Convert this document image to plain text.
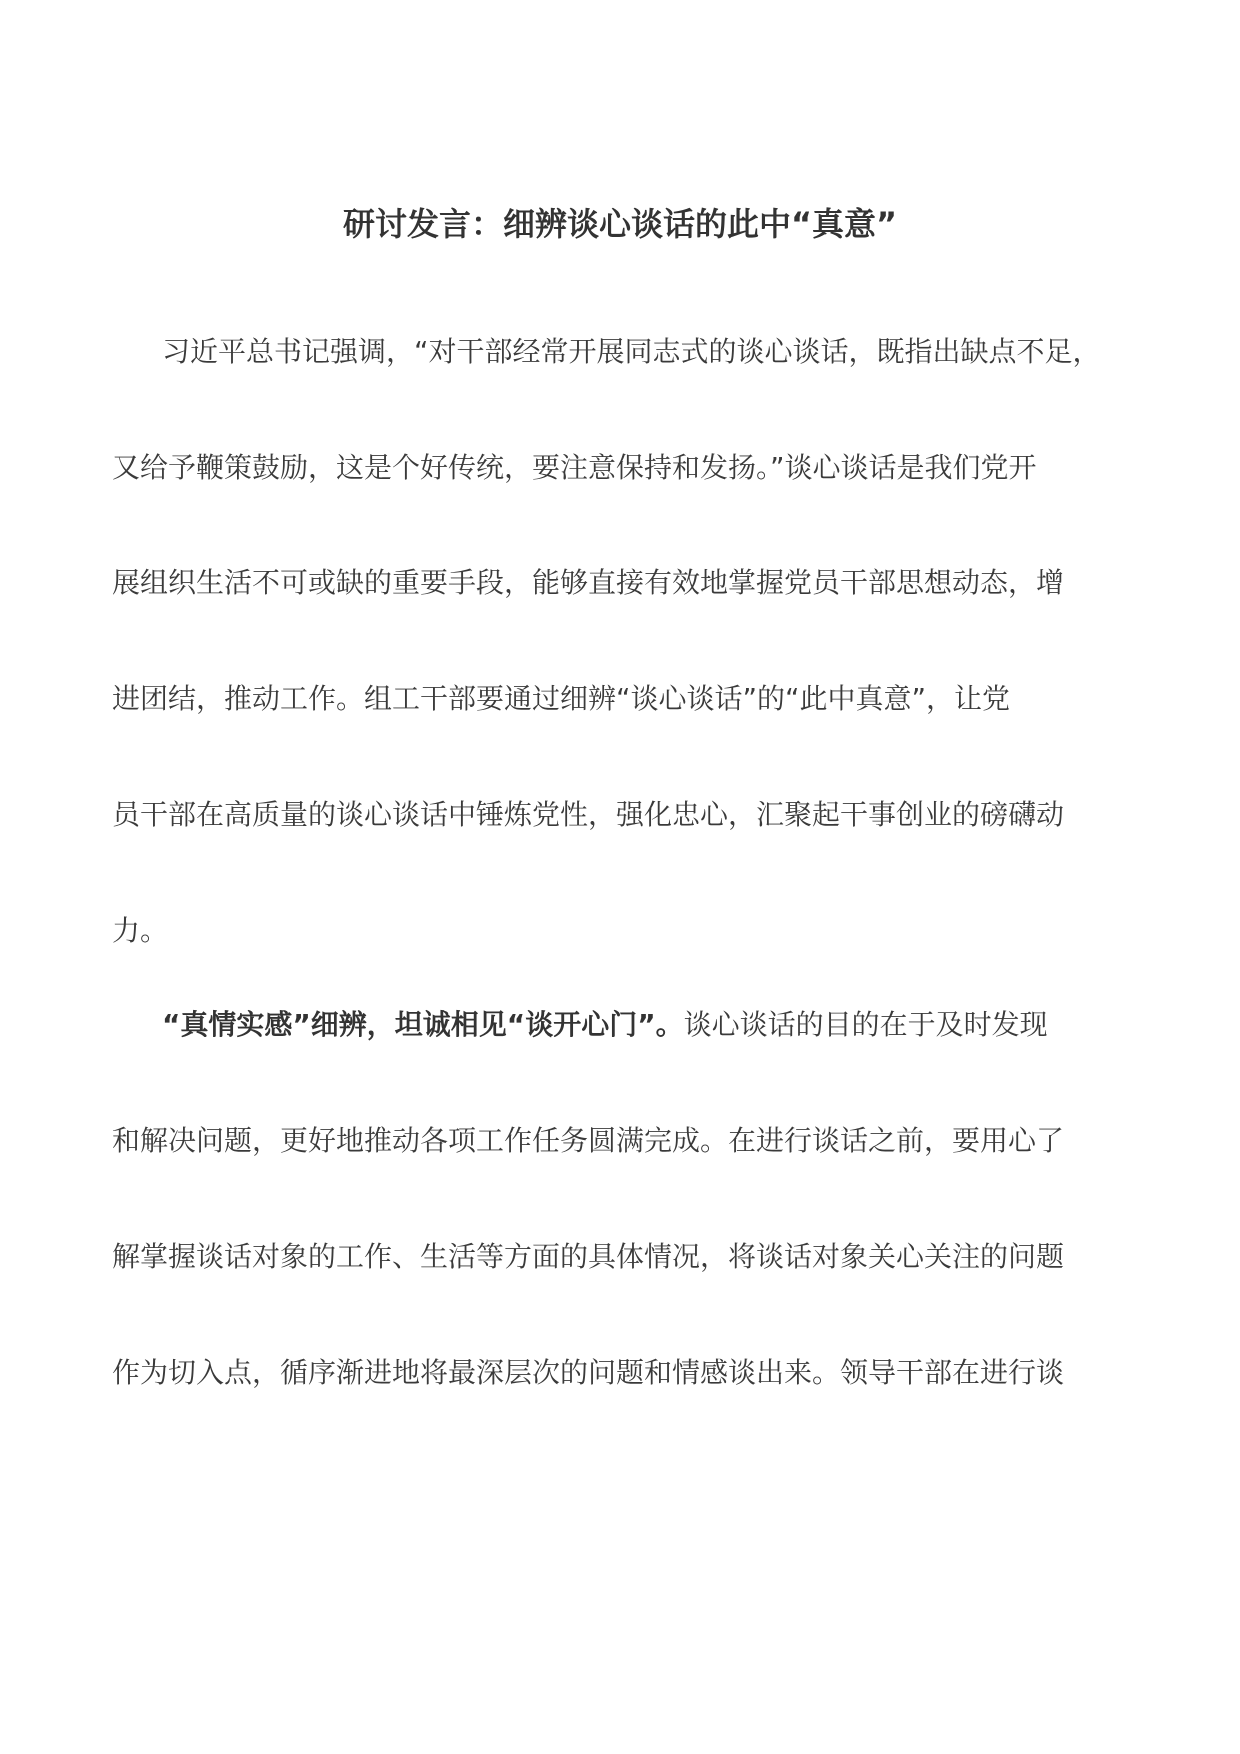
研讨发言：细辨谈心谈话的此中“真意”
习近平总书记强调，“对干部经常开展同志式的谈心谈话，既指出缺点不足，
又给予鞭策鼓励，这是个好传统，要注意保持和发扬。”谈心谈话是我们党开
展组织生活不可或缺的重要手段，能够直接有效地掌握党员干部思想动态，增
进团结，推动工作。组工干部要通过细辨“谈心谈话”的“此中真意”，让党
员干部在高质量的谈心谈话中锤炼党性，强化忠心，汇聚起干事创业的磅礴动
力。
“真情实感”细辨，坦诚相见“谈开心门”。谈心谈话的目的在于及时发现
和解决问题，更好地推动各项工作任务圆满完成。在进行谈话之前，要用心了
解掌握谈话对象的工作、生活等方面的具体情况，将谈话对象关心关注的问题
作为切入点，循序渐进地将最深层次的问题和情感谈出来。领导干部在进行谈
